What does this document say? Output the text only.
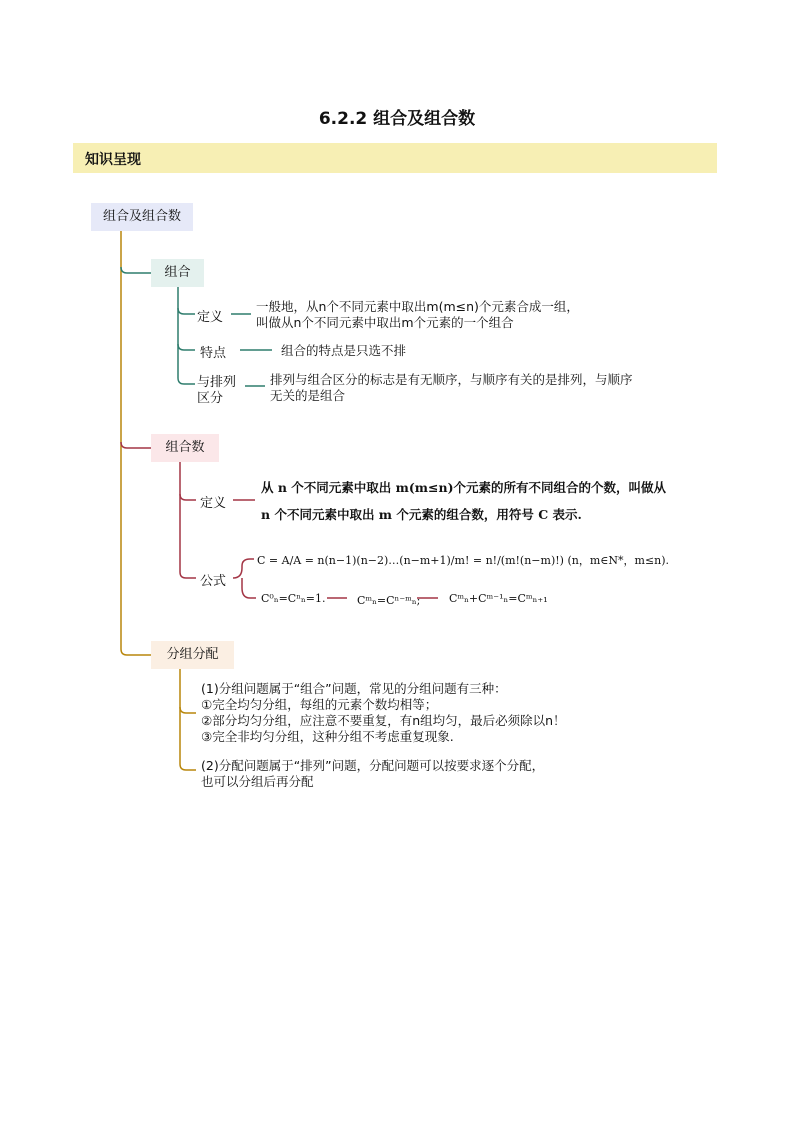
6.2.2 组合及组合数
知识呈现
组合及组合数
组合
定义
一般地，从n个不同元素中取出m(m≤n)个元素合成一组，
叫做从n个不同元素中取出m个元素的一个组合
特点	组合的特点是只选不排
与排列
区分
排列与组合区分的标志是有无顺序，与顺序有关的是排列，与顺序
无关的是组合
组合数
定义
从 n 个不同元素中取出 m(m≤n)个元素的所有不同组合的个数，叫做从
n 个不同元素中取出 m 个元素的组合数，用符号 C 表示.
公式
C = A/A = n(n−1)(n−2)…(n−m+1)/m! = n!/(m!(n−m)!) (n，m∈N*，m≤n).
C⁰ₙ=Cⁿₙ=1.	Cᵐₙ=Cⁿ⁻ᵐₙ;	Cᵐₙ+Cᵐ⁻¹ₙ=Cᵐₙ₊₁
分组分配
(1)分组问题属于“组合”问题，常见的分组问题有三种：
①完全均匀分组，每组的元素个数均相等；
②部分均匀分组，应注意不要重复，有n组均匀，最后必须除以n！
③完全非均匀分组，这种分组不考虑重复现象.
(2)分配问题属于“排列”问题，分配问题可以按要求逐个分配，
也可以分组后再分配
